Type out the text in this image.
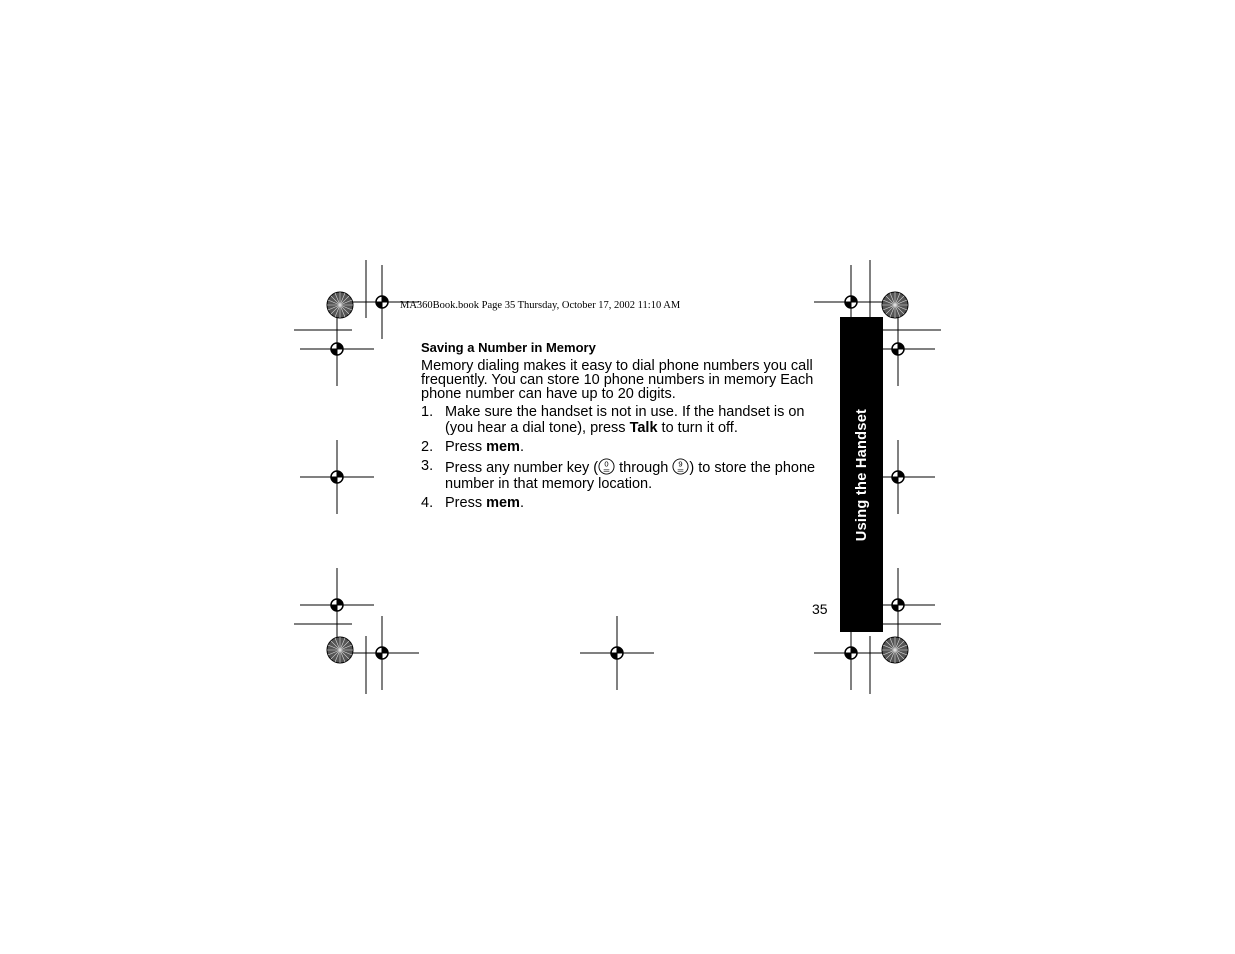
MA360Book.book Page 35 Thursday, October 17, 2002 11:10 AM
Saving a Number in Memory

Memory dialing makes it easy to dial phone numbers you call frequently. You can store 10 phone numbers in memory Each phone number can have up to 20 digits.

1. Make sure the handset is not in use. If the handset is on (you hear a dial tone), press Talk to turn it off.
2. Press mem.
3. Press any number key ( 0 through 9 ) to store the phone number in that memory location.
4. Press mem.	Using the Handset
35
